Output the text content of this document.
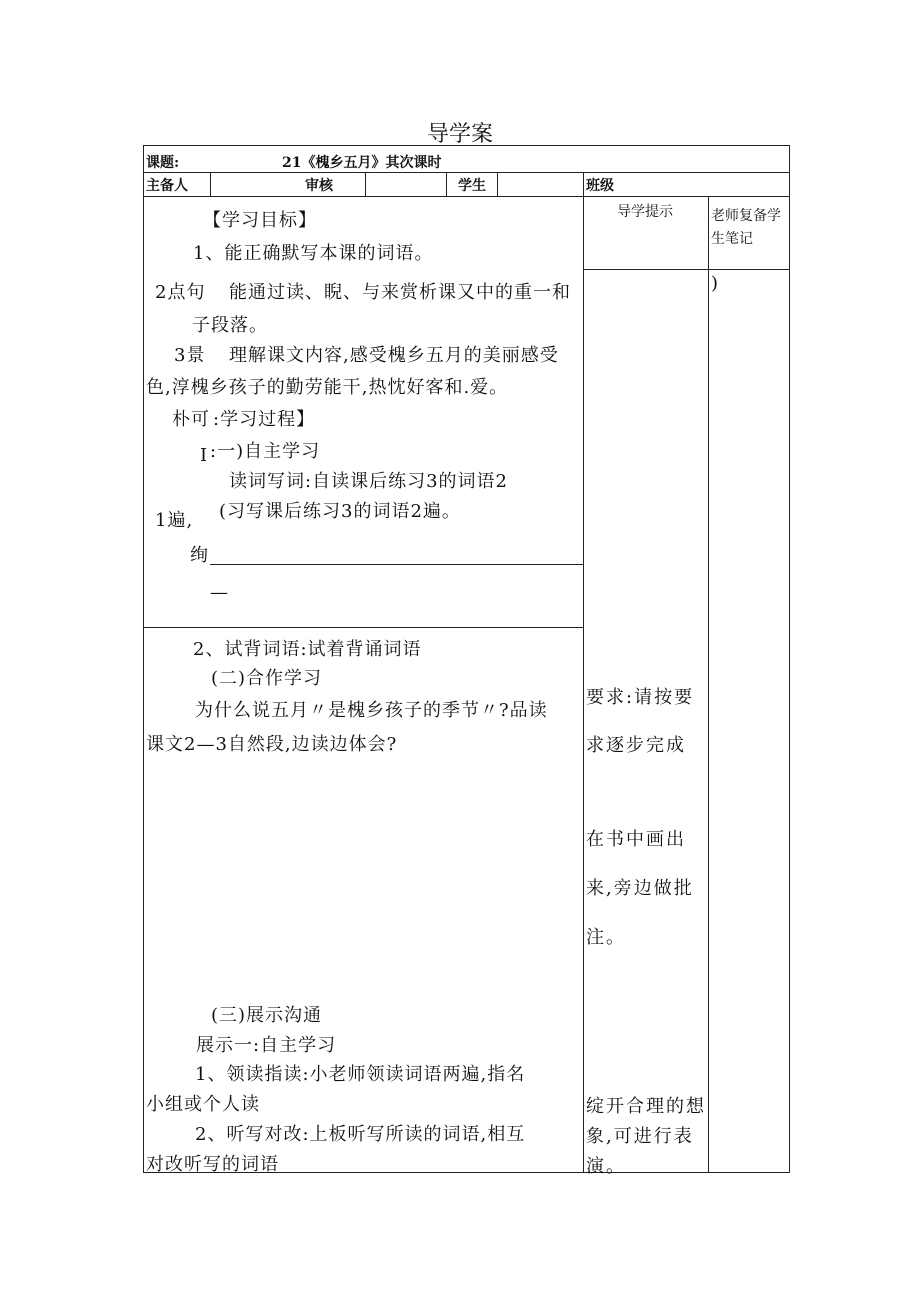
导学案
课题:	21《槐乡五月》其次课时
主备人	审核	学生	班级
导学提示	老师复备学
生笔记
【学习目标】
1、能正确默写本课的词语。
2点句 能通过读、睨、与来赏析课又中的重一和
子段落。
3景 理解课文内容,感受槐乡五月的美丽感受
色,淳槐乡孩子的勤劳能干,热忱好客和.爱。
朴可 :学习过程】
I :一)自主学习
读词写词:自读课后练习3的词语2
1遍, (习写课后练习3的词语2遍。
绚
—
2、试背词语:试着背诵词语
(二)合作学习
为什么说五月〃是槐乡孩子的季节〃?品读
课文2—3自然段,边读边体会?
(三)展示沟通
展示一:自主学习
1、领读指读:小老师领读词语两遍,指名
小组或个人读
2、听写对改:上板听写所读的词语,相互
对改听写的词语
要求:请按要
求逐步完成
在书中画出
来,旁边做批
注。
绽开合理的想
象,可进行表
演。
)
